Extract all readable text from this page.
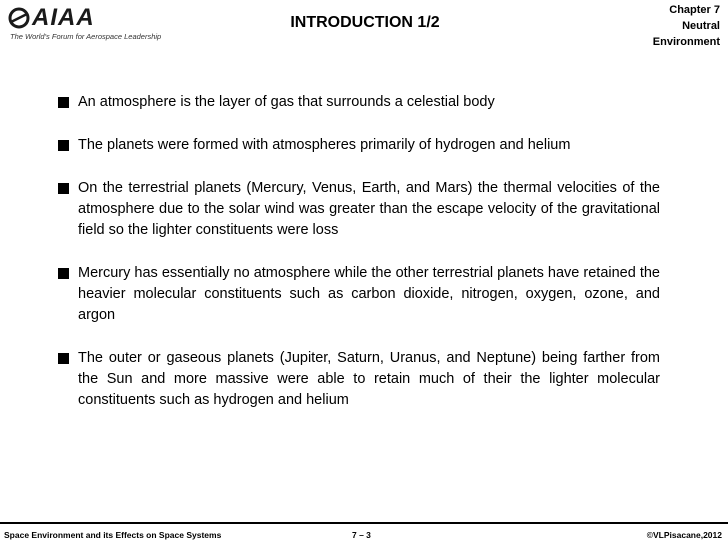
AIAA
The World's Forum for Aerospace Leadership
INTRODUCTION 1/2
Chapter 7
Neutral
Environment
An atmosphere is the layer of gas that surrounds a celestial body
The planets were formed with atmospheres primarily of hydrogen and helium
On the terrestrial planets (Mercury, Venus, Earth, and Mars) the thermal velocities of the atmosphere due to the solar wind was greater than the escape velocity of the gravitational field so the lighter constituents were loss
Mercury has essentially no atmosphere while the other terrestrial planets have retained the heavier molecular constituents such as carbon dioxide, nitrogen, oxygen, ozone, and argon
The outer or gaseous planets (Jupiter, Saturn, Uranus, and Neptune) being farther from the Sun and more massive were able to retain much of their the lighter molecular constituents such as hydrogen and helium
Space Environment and its Effects on Space Systems	7 – 3	©VLPisacane,2012
